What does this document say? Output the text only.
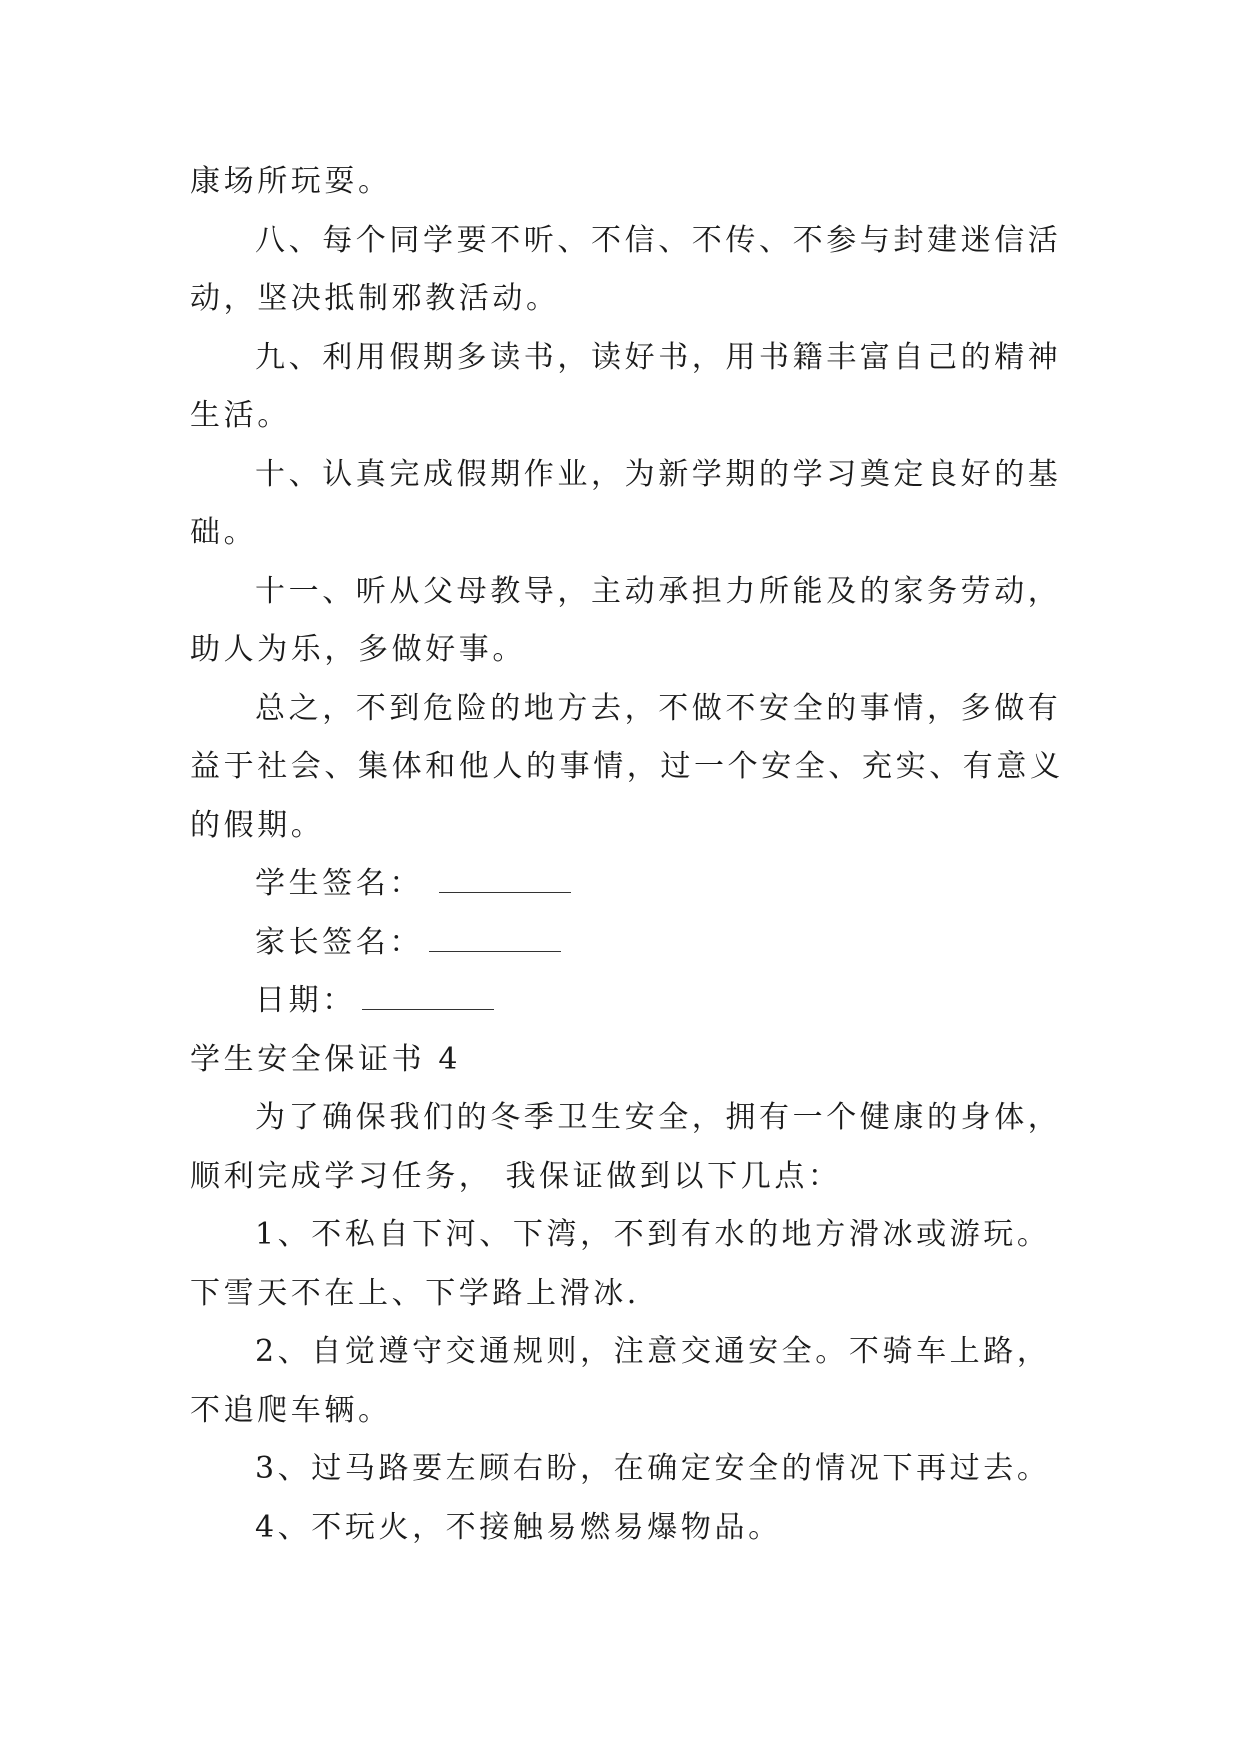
康场所玩耍。
八、每个同学要不听、不信、不传、不参与封建迷信活
动，坚决抵制邪教活动。
九、利用假期多读书，读好书，用书籍丰富自己的精神
生活。
十、认真完成假期作业，为新学期的学习奠定良好的基
础。
十一、听从父母教导，主动承担力所能及的家务劳动，
助人为乐，多做好事。
总之，不到危险的地方去，不做不安全的事情，多做有
益于社会、集体和他人的事情，过一个安全、充实、有意义
的假期。
学生签名：
家长签名：
日期：
学生安全保证书 4
为了确保我们的冬季卫生安全，拥有一个健康的身体，
顺利完成学习任务， 我保证做到以下几点：
1、不私自下河、下湾，不到有水的地方滑冰或游玩。
下雪天不在上、下学路上滑冰.
2、自觉遵守交通规则，注意交通安全。不骑车上路，
不追爬车辆。
3、过马路要左顾右盼，在确定安全的情况下再过去。
4、不玩火，不接触易燃易爆物品。
